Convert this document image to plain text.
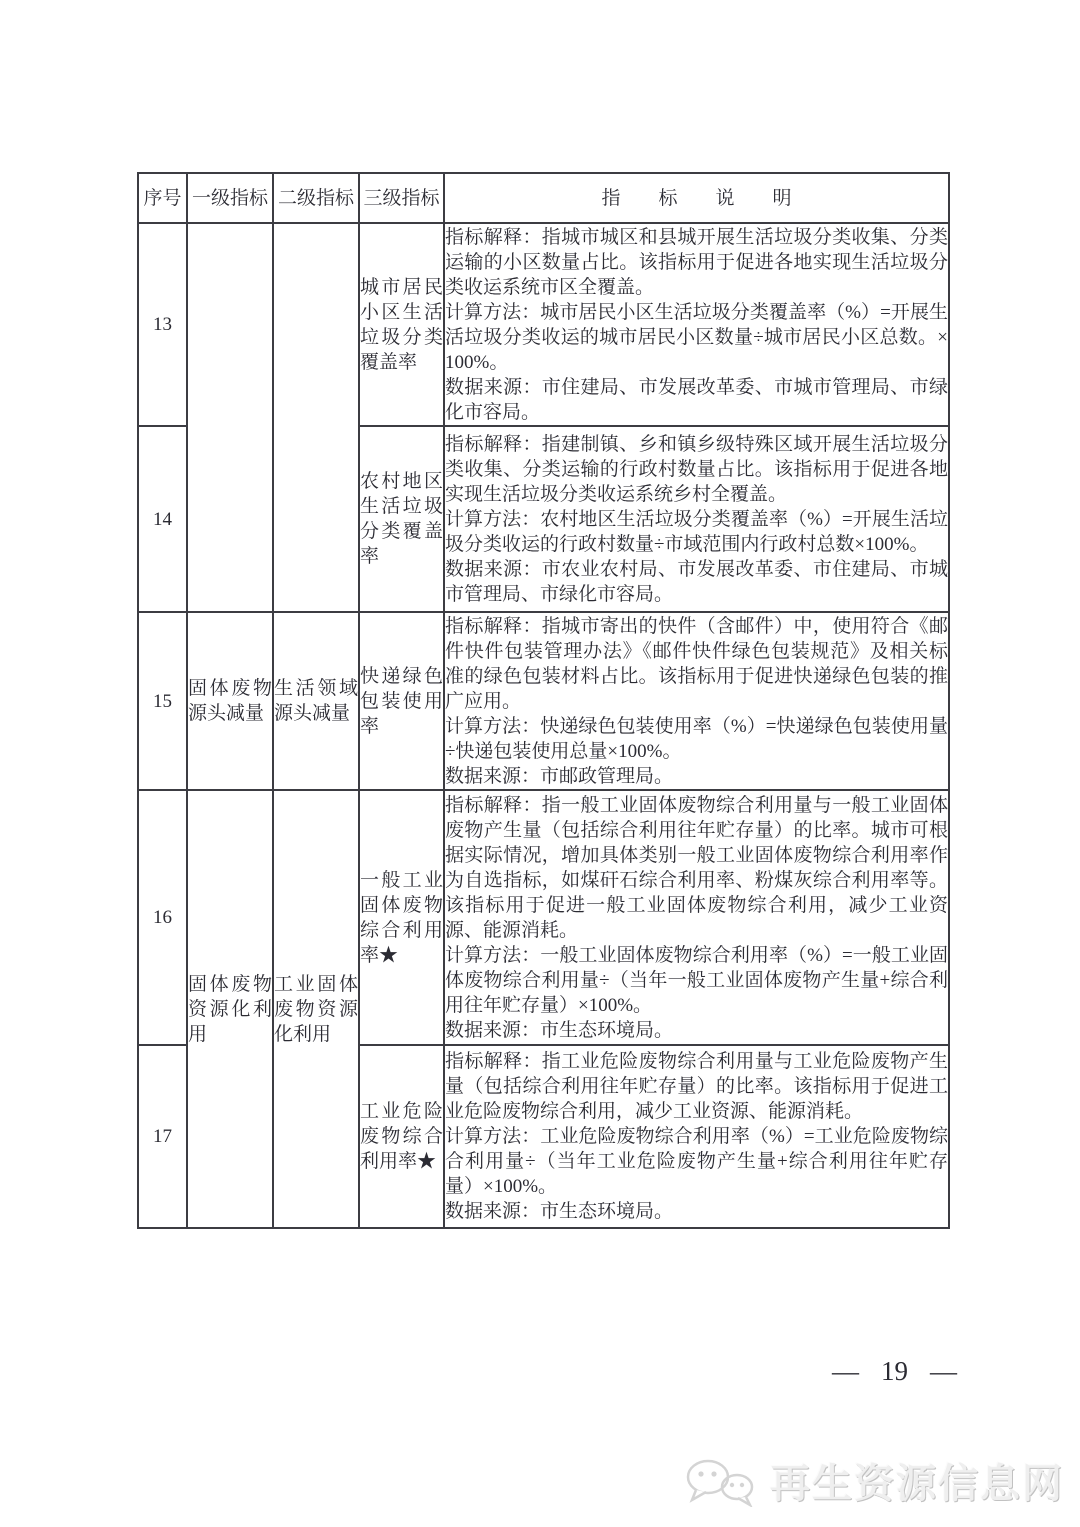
序号	一级指标	二级指标	三级指标	指　　标　　说　　明
13			城市居民小区生活垃圾分类覆盖率	指标解释：指城市城区和县城开展生活垃圾分类收集、分类运输的小区数量占比。该指标用于促进各地实现生活垃圾分类收运系统市区全覆盖。

计算方法：城市居民小区生活垃圾分类覆盖率（%）=开展生活垃圾分类收运的城市居民小区数量÷城市居民小区总数。×100%。

数据来源：市住建局、市发展改革委、市城市管理局、市绿化市容局。

14			农村地区生活垃圾分类覆盖率	指标解释：指建制镇、乡和镇乡级特殊区域开展生活垃圾分类收集、分类运输的行政村数量占比。该指标用于促进各地实现生活垃圾分类收运系统乡村全覆盖。

计算方法：农村地区生活垃圾分类覆盖率（%）=开展生活垃圾分类收运的行政村数量÷市域范围内行政村总数×100%。

数据来源：市农业农村局、市发展改革委、市住建局、市城市管理局、市绿化市容局。

15	固体废物源头减量	生活领域源头减量	快递绿色包装使用率	指标解释：指城市寄出的快件（含邮件）中，使用符合《邮件快件包装管理办法》《邮件快件绿色包装规范》及相关标准的绿色包装材料占比。该指标用于促进快递绿色包装的推广应用。

计算方法：快递绿色包装使用率（%）=快递绿色包装使用量÷快递包装使用总量×100%。

数据来源：市邮政管理局。

16	固体废物资源化利用	工业固体废物资源化利用	一般工业固体废物综合利用率★	指标解释：指一般工业固体废物综合利用量与一般工业固体废物产生量（包括综合利用往年贮存量）的比率。城市可根据实际情况，增加具体类别一般工业固体废物综合利用率作为自选指标，如煤矸石综合利用率、粉煤灰综合利用率等。该指标用于促进一般工业固体废物综合利用，减少工业资源、能源消耗。

计算方法：一般工业固体废物综合利用率（%）=一般工业固体废物综合利用量÷（当年一般工业固体废物产生量+综合利用往年贮存量）×100%。

数据来源：市生态环境局。

17			工业危险废物综合利用率★	指标解释：指工业危险废物综合利用量与工业危险废物产生量（包括综合利用往年贮存量）的比率。该指标用于促进工业危险废物综合利用，减少工业资源、能源消耗。

计算方法：工业危险废物综合利用率（%）=工业危险废物综合利用量÷（当年工业危险废物产生量+综合利用往年贮存量）×100%。

数据来源：市生态环境局。

— 19 —
再生资源信息网
